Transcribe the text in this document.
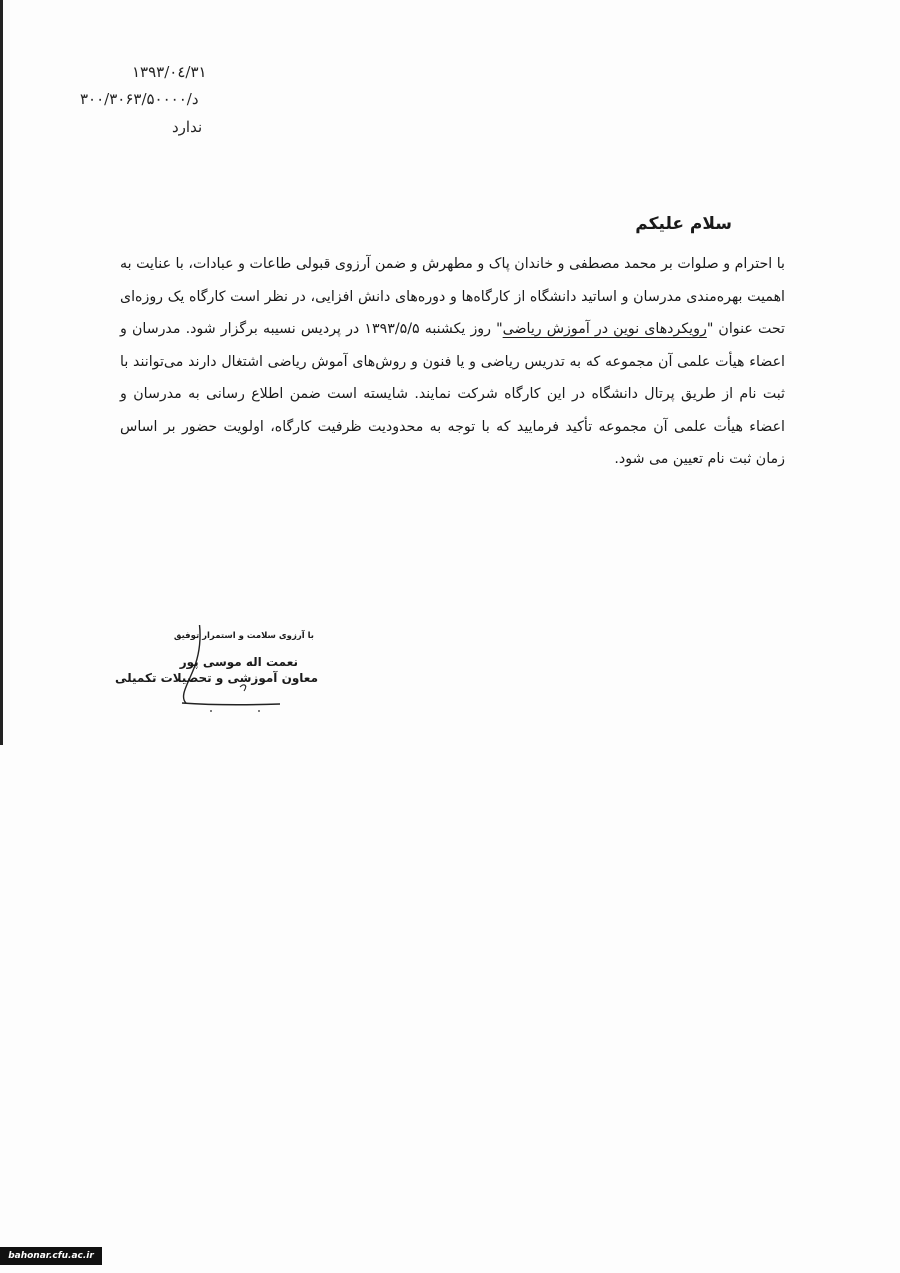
۱۳۹۳/۰٤/۳۱
د/۳۰۰/۳۰۶۳/۵۰۰۰۰
ندارد
سلام علیکم

با احترام و صلوات بر محمد مصطفی و خاندان پاک و مطهرش و ضمن آرزوی قبولی طاعات و عبادات، با عنایت به اهمیت بهره‌مندی مدرسان و اساتید دانشگاه از کارگاه‌ها و دوره‌های دانش افزایی، در نظر است کارگاه یک روزه‌ای تحت عنوان "رویکردهای نوین در آموزش ریاضی" روز یکشنبه ۱۳۹۳/۵/۵ در پردیس نسیبه برگزار شود. مدرسان و اعضاء هیأت علمی آن مجموعه که به تدریس ریاضی و یا فنون و روش‌های آموش ریاضی اشتغال دارند می‌توانند با ثبت نام از طریق پرتال دانشگاه در این کارگاه شرکت نمایند. شایسته است ضمن اطلاع رسانی به مدرسان و اعضاء هیأت علمی آن مجموعه تأکید فرمایید که با توجه به محدودیت ظرفیت کارگاه، اولویت حضور بر اساس زمان ثبت نام تعیین می شود.

با آرزوی سلامت و استمرار توفیق
نعمت اله موسی پور
معاون آموزشی و تحصیلات تکمیلی
bahonar.cfu.ac.ir
